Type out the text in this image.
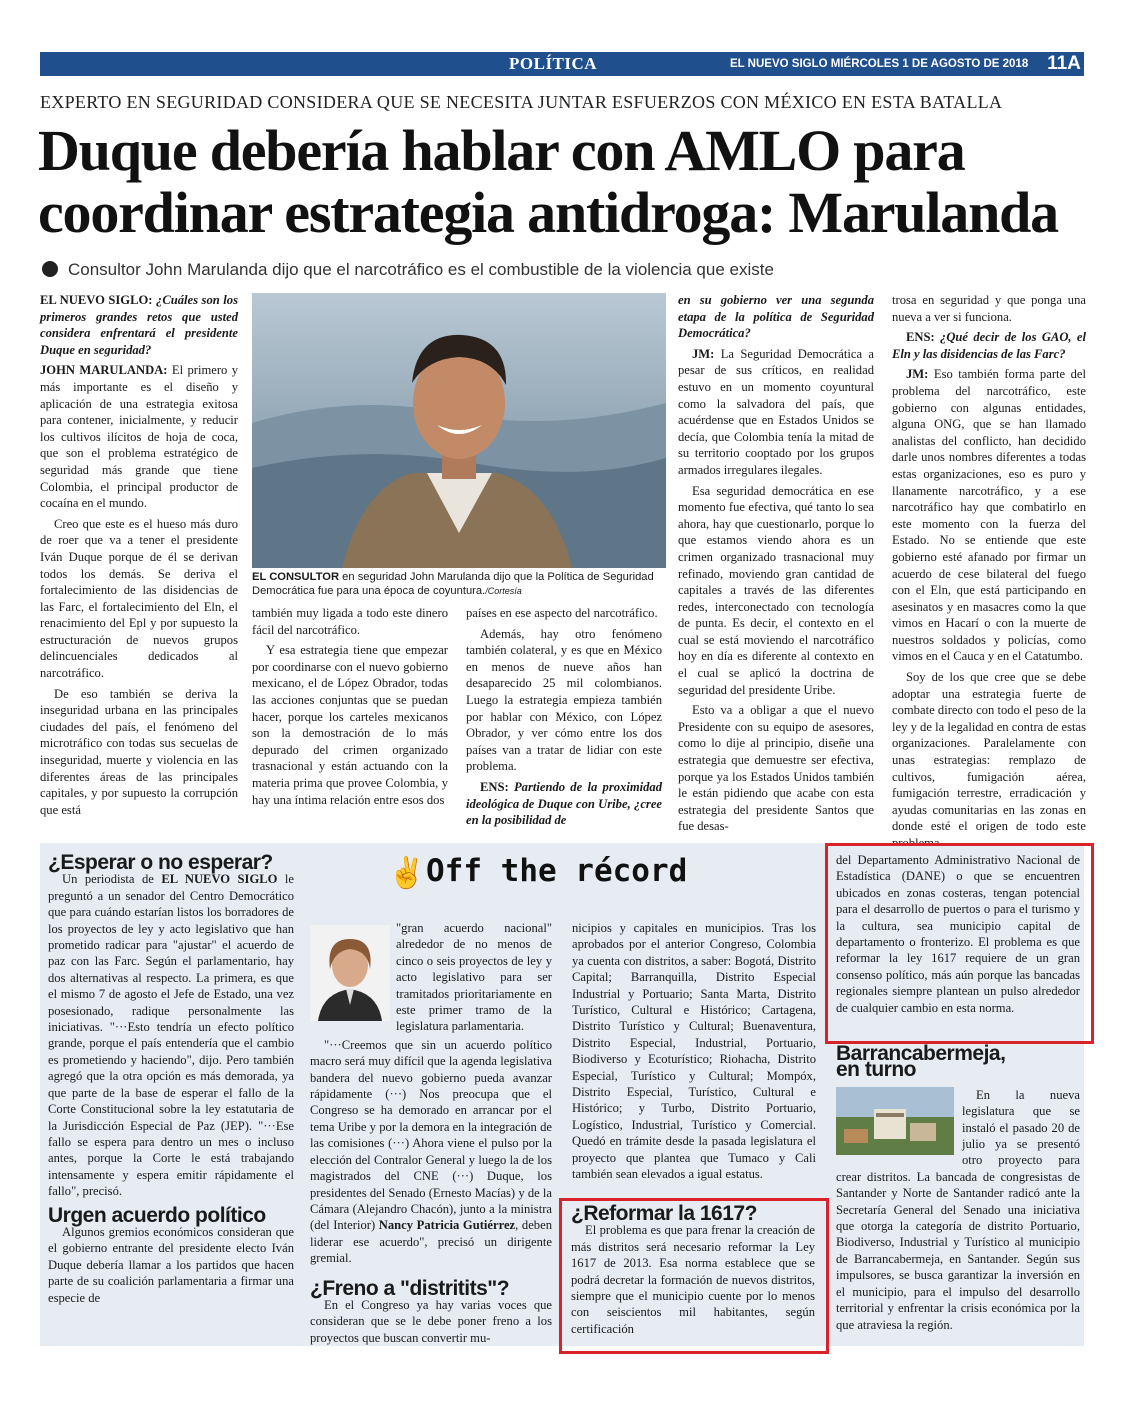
POLÍTICA	EL NUEVO SIGLO MIÉRCOLES 1 DE AGOSTO DE 2018 11A
EXPERTO EN SEGURIDAD CONSIDERA QUE SE NECESITA JUNTAR ESFUERZOS CON MÉXICO EN ESTA BATALLA
Duque debería hablar con AMLO para coordinar estrategia antidroga: Marulanda
Consultor John Marulanda dijo que el narcotráfico es el combustible de la violencia que existe

EL NUEVO SIGLO: ¿Cuáles son los primeros grandes retos que usted considera enfrentará el presidente Duque en seguridad?

JOHN MARULANDA: El primero y más importante es el diseño y aplicación de una estrategia exitosa para contener, inicialmente, y reducir los cultivos ilícitos de hoja de coca, que son el problema estratégico de seguridad más grande que tiene Colombia, el principal productor de cocaína en el mundo.

Creo que este es el hueso más duro de roer que va a tener el presidente Iván Duque porque de él se derivan todos los demás. Se deriva el fortalecimiento de las disidencias de las Farc, el fortalecimiento del Eln, el renacimiento del Epl y por supuesto la estructuración de nuevos grupos delincuenciales dedicados al narcotráfico.

De eso también se deriva la inseguridad urbana en las principales ciudades del país, el fenómeno del microtráfico con todas sus secuelas de inseguridad, muerte y violencia en las diferentes áreas de las principales capitales, y por supuesto la corrupción que está

EL CONSULTOR en seguridad John Marulanda dijo que la Política de Seguridad Democrática fue para una época de coyuntura./Cortesía

también muy ligada a todo este dinero fácil del narcotráfico.

Y esa estrategia tiene que empezar por coordinarse con el nuevo gobierno mexicano, el de López Obrador, todas las acciones conjuntas que se puedan hacer, porque los carteles mexicanos son la demostración de lo más depurado del crimen organizado trasnacional y están actuando con la materia prima que provee Colombia, y hay una íntima relación entre esos dos

países en ese aspecto del narcotráfico.

Además, hay otro fenómeno también colateral, y es que en México en menos de nueve años han desaparecido 25 mil colombianos. Luego la estrategia empieza también por hablar con México, con López Obrador, y ver cómo entre los dos países van a tratar de lidiar con este problema.

ENS: Partiendo de la proximidad ideológica de Duque con Uribe, ¿cree en la posibilidad de

en su gobierno ver una segunda etapa de la política de Seguridad Democrática?

JM: La Seguridad Democrática a pesar de sus críticos, en realidad estuvo en un momento coyuntural como la salvadora del país, que acuérdense que en Estados Unidos se decía, que Colombia tenía la mitad de su territorio cooptado por los grupos armados irregulares ilegales.

Esa seguridad democrática en ese momento fue efectiva, qué tanto lo sea ahora, hay que cuestionarlo, porque lo que estamos viendo ahora es un crimen organizado trasnacional muy refinado, moviendo gran cantidad de capitales a través de las diferentes redes, interconectado con tecnología de punta. Es decir, el contexto en el cual se está moviendo el narcotráfico hoy en día es diferente al contexto en el cual se aplicó la doctrina de seguridad del presidente Uribe.

Esto va a obligar a que el nuevo Presidente con su equipo de asesores, como lo dije al principio, diseñe una estrategia que demuestre ser efectiva, porque ya los Estados Unidos también le están pidiendo que acabe con esta estrategia del presidente Santos que fue desas-

trosa en seguridad y que ponga una nueva a ver si funciona.

ENS: ¿Qué decir de los GAO, el Eln y las disidencias de las Farc?

JM: Eso también forma parte del problema del narcotráfico, este gobierno con algunas entidades, alguna ONG, que se han llamado analistas del conflicto, han decidido darle unos nombres diferentes a todas estas organizaciones, eso es puro y llanamente narcotráfico, y a ese narcotráfico hay que combatirlo en este momento con la fuerza del Estado. No se entiende que este gobierno esté afanado por firmar un acuerdo de cese bilateral del fuego con el Eln, que está participando en asesinatos y en masacres como la que vimos en Hacarí o con la muerte de nuestros soldados y policías, como vimos en el Cauca y en el Catatumbo.

Soy de los que cree que se debe adoptar una estrategia fuerte de combate directo con todo el peso de la ley y de la legalidad en contra de estas organizaciones. Paralelamente con unas estrategias: remplazo de cultivos, fumigación aérea, fumigación terrestre, erradicación y ayudas comunitarias en las zonas en donde esté el origen de todo este

✌ Off the récord
¿Esperar o no esperar?

Un periodista de EL NUEVO SIGLO le preguntó a un senador del Centro Democrático que para cuándo estarían listos los borradores de los proyectos de ley y acto legislativo que han prometido radicar para "ajustar" el acuerdo de paz con las Farc. Según el parlamentario, hay dos alternativas al respecto. La primera, es que el mismo 7 de agosto el Jefe de Estado, una vez posesionado, radique personalmente las iniciativas. "···Esto tendría un efecto político grande, porque el país entendería que el cambio es prometiendo y haciendo", dijo. Pero también agregó que la otra opción es más demorada, ya que parte de la base de esperar el fallo de la Corte Constitucional sobre la ley estatutaria de la Jurisdicción Especial de Paz (JEP). "···Ese fallo se espera para dentro un mes o incluso antes, porque la Corte le está trabajando intensamente y espera emitir rápidamente el fallo", precisó.

Urgen acuerdo político

Algunos gremios económicos consideran que el gobierno entrante del presidente electo Iván Duque debería llamar a los partidos que hacen parte de su coalición parlamentaria a firmar una especie de

"gran acuerdo nacional" alrededor de no menos de cinco o seis proyectos de ley y acto legislativo para ser tramitados prioritariamente en este primer tramo de la legislatura parlamentaria.

"···Creemos que sin un acuerdo político macro será muy difícil que la agenda legislativa bandera del nuevo gobierno pueda avanzar rápidamente (···) Nos preocupa que el Congreso se ha demorado en arrancar por el tema Uribe y por la demora en la integración de las comisiones (···) Ahora viene el pulso por la elección del Contralor General y luego la de los magistrados del CNE (···) Duque, los presidentes del Senado (Ernesto Macías) y de la Cámara (Alejandro Chacón), junto a la ministra (del Interior) Nancy Patricia Gutiérrez, deben liderar ese acuerdo", precisó un dirigente gremial.

¿Freno a "distritits"?

En el Congreso ya hay varias voces que consideran que se le debe poner freno a los proyectos que buscan convertir mu-

nicipios y capitales en municipios. Tras los aprobados por el anterior Congreso, Colombia ya cuenta con distritos, a saber: Bogotá, Distrito Capital; Barranquilla, Distrito Especial Industrial y Portuario; Santa Marta, Distrito Turístico, Cultural e Histórico; Cartagena, Distrito Turístico y Cultural; Buenaventura, Distrito Especial, Industrial, Portuario, Biodiverso y Ecoturístico; Riohacha, Distrito Especial, Turístico y Cultural; Mompóx, Distrito Especial, Turístico, Cultural e Histórico; y Turbo, Distrito Portuario, Logístico, Industrial, Turístico y Comercial. Quedó en trámite desde la pasada legislatura el proyecto que plantea que Tumaco y Cali también sean elevados a igual estatus.

¿Reformar la 1617?

El problema es que para frenar la creación de más distritos será necesario reformar la Ley 1617 de 2013. Esa norma establece que se podrá decretar la formación de nuevos distritos, siempre que el municipio cuente por lo menos con seiscientos mil habitantes, según certificación

del Departamento Administrativo Nacional de Estadística (DANE) o que se encuentren ubicados en zonas costeras, tengan potencial para el desarrollo de puertos o para el turismo y la cultura, sea municipio capital de departamento o fronterizo. El problema es que reformar la ley 1617 requiere de un gran consenso político, más aún porque las bancadas regionales siempre plantean un pulso alrededor de cualquier cambio en esta norma.

Barrancabermeja,
en turno

En la nueva legislatura que se instaló el pasado 20 de julio ya se presentó otro proyecto para crear distritos. La bancada de congresistas de Santander y Norte de Santander radicó ante la Secretaría General del Senado una iniciativa que otorga la categoría de distrito Portuario, Biodiverso, Industrial y Turístico al municipio de Barrancabermeja, en Santander. Según sus impulsores, se busca garantizar la inversión en el municipio, para el impulso del desarrollo territorial y enfrentar la crisis económica por la que atraviesa la región.
